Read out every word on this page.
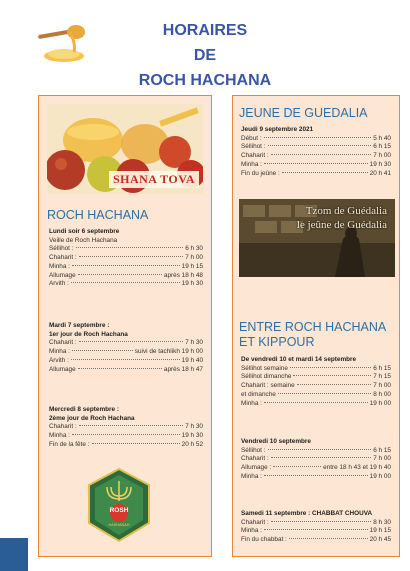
HORAIRES
DE
ROCH HACHANA
SHANA TOVA
ROCH HACHANA
Lundi soir 6 septembre
Veille de Roch Hachana
Séllihot :	6 h 30
Chaharit :	7 h 00
Minha :	19 h 15
Allumage	après 18 h 48
Arvith :	19 h 30
Mardi 7 septembre :
1er jour de Roch Hachana
Chaharit :	7 h 30
Minha :	suivi de tachlikh 19 h 00
Arvith :	19 h 40
Allumage	après 18 h 47
Mercredi 8 septembre :
2ème jour de Roch Hachana
Chaharit :	7 h 30
Minha :	19 h 30
Fin de la fête :	20 h 52
ROSH
HASHANAH
JEUNE DE GUEDALIA
Jeudi 9 septembre 2021
Début :	5 h 40
Séllihot :	6 h 15
Chaharit :	7 h 00
Minha :	19 h 30
Fin du jeûne :	20 h 41
Tzom de Guédalia
le jeûne de Guédalia
ENTRE ROCH HACHANA
ET KIPPOUR
De vendredi 10 et mardi 14 septembre
Séllihot semaine	6 h 15
Séllihot dimanche	7 h 15
Chaharit : semaine	7 h 00
et dimanche	8 h 00
Minha :	19 h 00
Vendredi 10 septembre
Séllihot :	6 h 15
Chaharit :	7 h 00
Allumage :	entre 18 h 43 et 19 h 40
Minha :	19 h 00
Samedi 11 septembre : CHABBAT CHOUVA
Chaharit :	8 h 30
Minha :	19 h 15
Fin du chabbat :	20 h 45
